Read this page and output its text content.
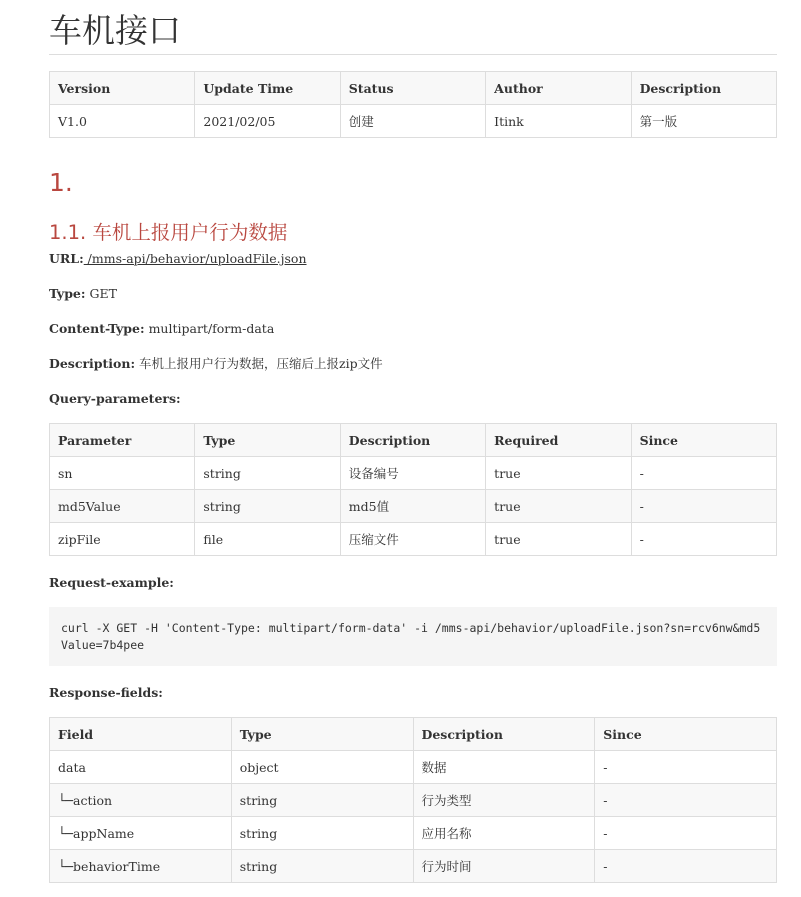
车机接口
Version	Update Time	Status	Author	Description
V1.0	2021/02/05	创建	Itink	第一版
1.
1.1. 车机上报用户行为数据

URL: /mms-api/behavior/uploadFile.json

Type: GET

Content-Type: multipart/form-data

Description: 车机上报用户行为数据，压缩后上报zip文件

Query-parameters:

Parameter	Type	Description	Required	Since
sn	string	设备编号	true	-
md5Value	string	md5值	true	-
zipFile	file	压缩文件	true	-

Request-example:

curl -X GET -H 'Content-Type: multipart/form-data' -i /mms-api/behavior/uploadFile.json?sn=rcv6nw&md5Value=7b4pee

Response-fields:

Field	Type	Description	Since
data	object	数据	-
└─action	string	行为类型	-
└─appName	string	应用名称	-
└─behaviorTime	string	行为时间	-
